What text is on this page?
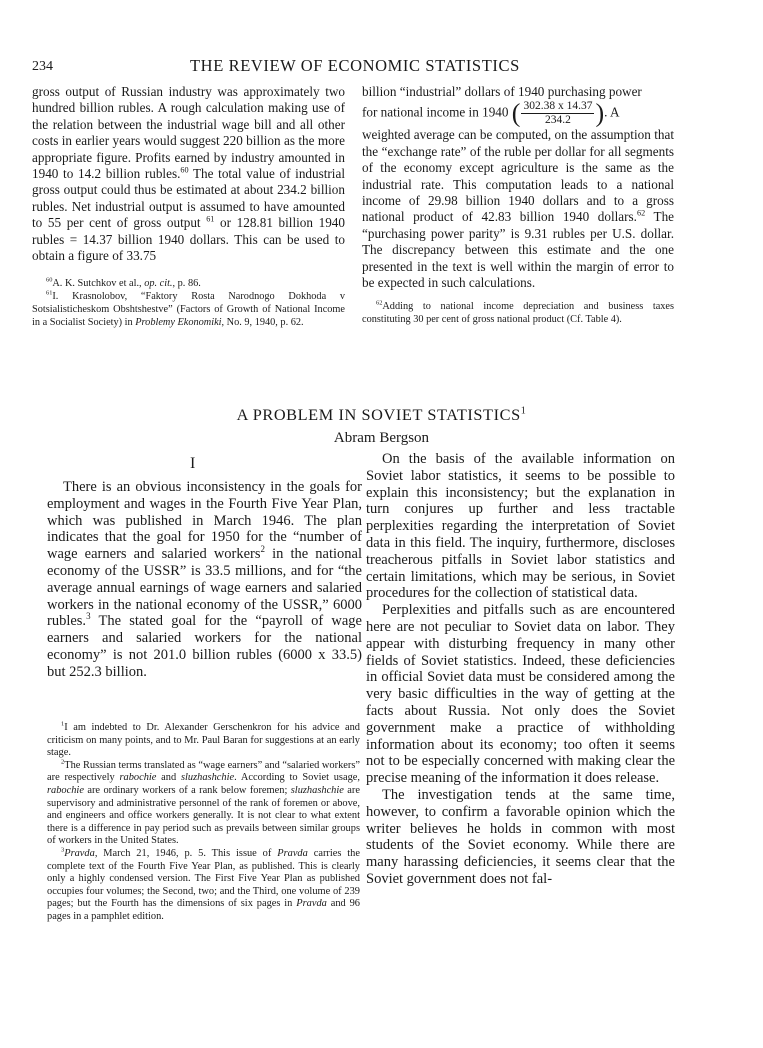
234	THE REVIEW OF ECONOMIC STATISTICS

gross output of Russian industry was approximately two hundred billion rubles. A rough calculation making use of the relation between the industrial wage bill and all other costs in earlier years would suggest 220 billion as the more appropriate figure. Profits earned by industry amounted in 1940 to 14.2 billion rubles.$^{60}$ The total value of industrial gross output could thus be estimated at about 234.2 billion rubles. Net industrial output is assumed to have amounted to 55 per cent of gross output $^{61}$ or 128.81 billion 1940 rubles = 14.37 billion 1940 dollars. This can be used to obtain a figure of 33.75

$^{60}$A. K. Sutchkov et al., op. cit., p. 86.

$^{61}$I. Krasnolobov, “Faktory Rosta Narodnogo Dokhoda v Sotsialisticheskom Obshtshestve” (Factors of Growth of National Income in a Socialist Society) in Problemy Ekonomiki, No. 9, 1940, p. 62.

billion “industrial” dollars of 1940 purchasing power

for national income in 1940 ( $\frac{302.38 x 14.37}{234.2}$ ). A

weighted average can be computed, on the assumption that the “exchange rate” of the ruble per dollar for all segments of the economy except agriculture is the same as the industrial rate. This computation leads to a national income of 29.98 billion 1940 dollars and to a gross national product of 42.83 billion 1940 dollars.$^{62}$ The “purchasing power parity” is 9.31 rubles per U.S. dollar. The discrepancy between this estimate and the one presented in the text is well within the margin of error to be expected in such calculations.

$^{62}$Adding to national income depreciation and business taxes constituting 30 per cent of gross national product (Cf. Table 4).

A PROBLEM IN SOVIET STATISTICS$^1$
Abram Bergson
I

There is an obvious inconsistency in the goals for employment and wages in the Fourth Five Year Plan, which was published in March 1946. The plan indicates that the goal for 1950 for the “number of wage earners and salaried workers$^2$ in the national economy of the USSR” is 33.5 millions, and for “the average annual earnings of wage earners and salaried workers in the national economy of the USSR,” 6000 rubles.$^3$ The stated goal for the “payroll of wage earners and salaried workers for the national economy” is not 201.0 billion rubles (6000 x 33.5) but 252.3 billion.

$^1$I am indebted to Dr. Alexander Gerschenkron for his advice and criticism on many points, and to Mr. Paul Baran for suggestions at an early stage.

$^2$The Russian terms translated as “wage earners” and “salaried workers” are respectively rabochie and sluzhashchie. According to Soviet usage, rabochie are ordinary workers of a rank below foremen; sluzhashchie are supervisory and administrative personnel of the rank of foremen or above, and engineers and office workers generally. It is not clear to what extent there is a difference in pay period such as prevails between similar groups of workers in the United States.

$^3$Pravda, March 21, 1946, p. 5. This issue of Pravda carries the complete text of the Fourth Five Year Plan, as published. This is clearly only a highly condensed version. The First Five Year Plan as published occupies four volumes; the Second, two; and the Third, one volume of 239 pages; but the Fourth has the dimensions of six pages in Pravda and 96 pages in a pamphlet edition.

On the basis of the available information on Soviet labor statistics, it seems to be possible to explain this inconsistency; but the explanation in turn conjures up further and less tractable perplexities regarding the interpretation of Soviet data in this field. The inquiry, furthermore, discloses treacherous pitfalls in Soviet labor statistics and certain limitations, which may be serious, in Soviet procedures for the collection of statistical data.

Perplexities and pitfalls such as are encountered here are not peculiar to Soviet data on labor. They appear with disturbing frequency in many other fields of Soviet statistics. Indeed, these deficiencies in official Soviet data must be considered among the very basic difficulties in the way of getting at the facts about Russia. Not only does the Soviet government make a practice of withholding information about its economy; too often it seems not to be especially concerned with making clear the precise meaning of the information it does release.

The investigation tends at the same time, however, to confirm a favorable opinion which the writer believes he holds in common with most students of the Soviet economy. While there are many harassing deficiencies, it seems clear that the Soviet government does not fal-
